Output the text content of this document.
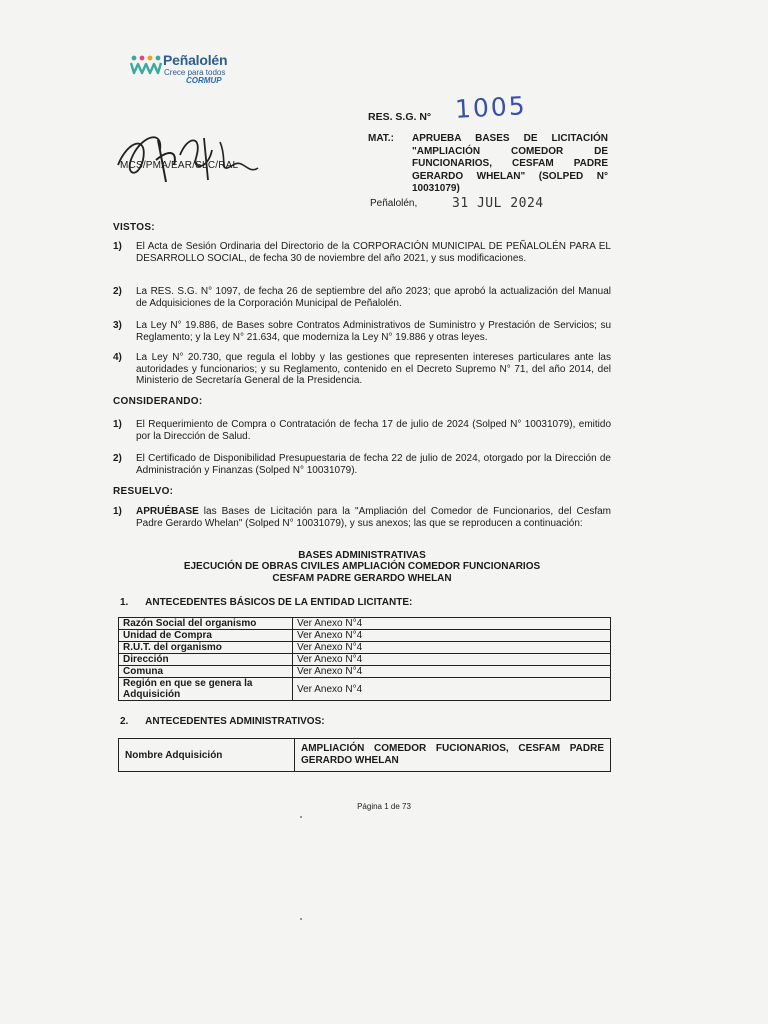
Peñalolén
Crece para todos
CORMUP
RES. S.G. N° 1005
MAT.: APRUEBA BASES DE LICITACIÓN "AMPLIACIÓN COMEDOR DE FUNCIONARIOS, CESFAM PADRE GERARDO WHELAN" (SOLPED N° 10031079)
MCS/PMA/EAR/SLC/RAL
Peñalolén,	31 JUL 2024
VISTOS:
1) El Acta de Sesión Ordinaria del Directorio de la CORPORACIÓN MUNICIPAL DE PEÑALOLÉN PARA EL DESARROLLO SOCIAL, de fecha 30 de noviembre del año 2021, y sus modificaciones.
2) La RES. S.G. N° 1097, de fecha 26 de septiembre del año 2023; que aprobó la actualización del Manual de Adquisiciones de la Corporación Municipal de Peñalolén.
3) La Ley N° 19.886, de Bases sobre Contratos Administrativos de Suministro y Prestación de Servicios; su Reglamento; y la Ley N° 21.634, que moderniza la Ley N° 19.886 y otras leyes.
4) La Ley N° 20.730, que regula el lobby y las gestiones que representen intereses particulares ante las autoridades y funcionarios; y su Reglamento, contenido en el Decreto Supremo N° 71, del año 2014, del Ministerio de Secretaría General de la Presidencia.
CONSIDERANDO:
1) El Requerimiento de Compra o Contratación de fecha 17 de julio de 2024 (Solped N° 10031079), emitido por la Dirección de Salud.
2) El Certificado de Disponibilidad Presupuestaria de fecha 22 de julio de 2024, otorgado por la Dirección de Administración y Finanzas (Solped N° 10031079).
RESUELVO:
1) APRUÉBASE las Bases de Licitación para la "Ampliación del Comedor de Funcionarios, del Cesfam Padre Gerardo Whelan" (Solped N° 10031079), y sus anexos; las que se reproducen a continuación:
BASES ADMINISTRATIVAS
EJECUCIÓN DE OBRAS CIVILES AMPLIACIÓN COMEDOR FUNCIONARIOS
CESFAM PADRE GERARDO WHELAN
1. ANTECEDENTES BÁSICOS DE LA ENTIDAD LICITANTE:
Razón Social del organismo	Ver Anexo N°4
Unidad de Compra	Ver Anexo N°4
R.U.T. del organismo	Ver Anexo N°4
Dirección	Ver Anexo N°4
Comuna	Ver Anexo N°4
Región en que se genera la Adquisición	Ver Anexo N°4
2. ANTECEDENTES ADMINISTRATIVOS:
Nombre Adquisición	AMPLIACIÓN COMEDOR FUCIONARIOS, CESFAM PADRE GERARDO WHELAN
Página 1 de 73
